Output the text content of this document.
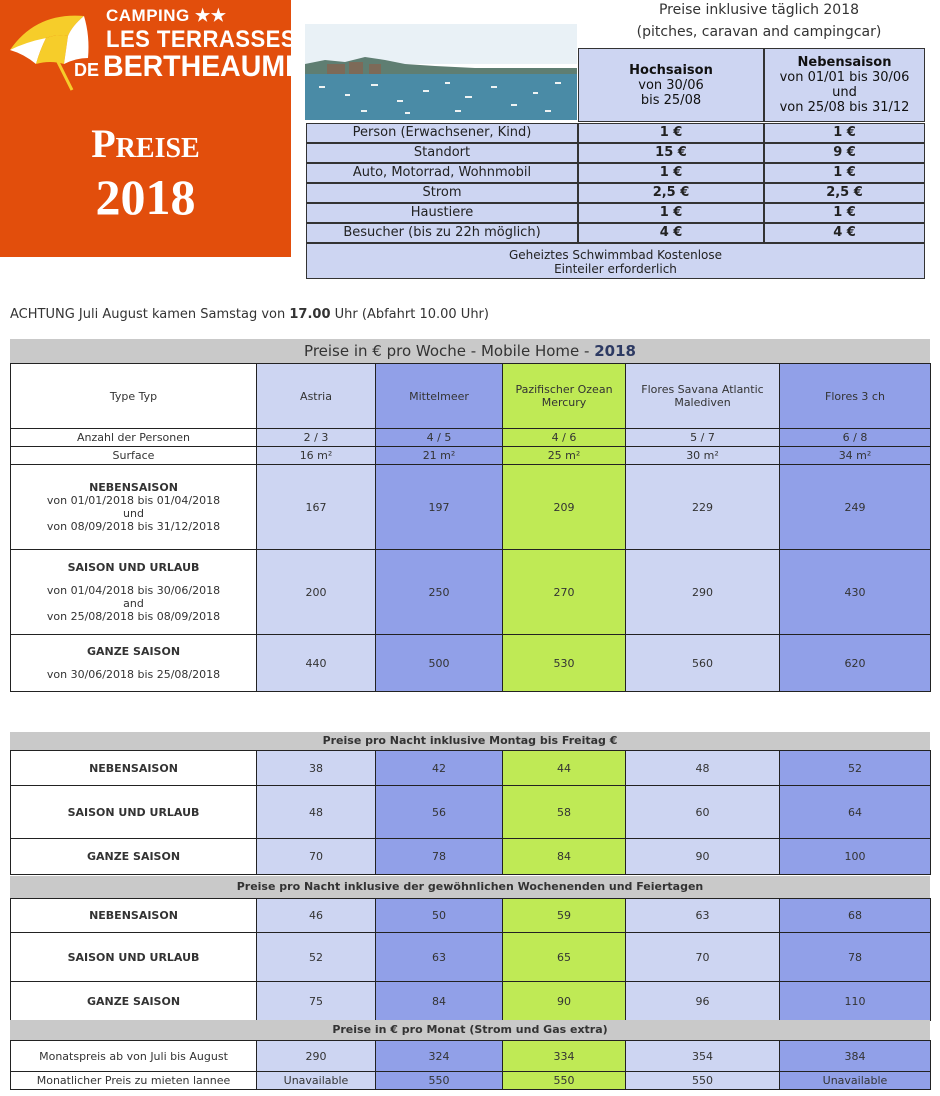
CAMPING ★★
LES TERRASSES
DE BERTHEAUME
Preise
2018
Preise inklusive täglich 2018
(pitches, caravan and campingcar)
Hochsaison
von 30/06
bis 25/08
Nebensaison
von 01/01 bis 30/06
und
von 25/08 bis 31/12
Person (Erwachsener, Kind)	1 €	1 €
Standort	15 €	9 €
Auto, Motorrad, Wohnmobil	1 €	1 €
Strom	2,5 €	2,5 €
Haustiere	1 €	1 €
Besucher (bis zu 22h möglich)	4 €	4 €
Geheiztes Schwimmbad Kostenlose
Einteiler erforderlich
ACHTUNG Juli August kamen Samstag von 17.00 Uhr (Abfahrt 10.00 Uhr)
Preise in € pro Woche - Mobile Home - 2018
Type Typ	Astria	Mittelmeer	Pazifischer Ozean Mercury	Flores Savana Atlantic Malediven	Flores 3 ch
Anzahl der Personen	2 / 3	4 / 5	4 / 6	5 / 7	6 / 8
Surface	16 m²	21 m²	25 m²	30 m²	34 m²

NEBENSAISON
von 01/01/2018 bis 01/04/2018
und
von 08/09/2018 bis 31/12/2018	167	197	209	229	249

SAISON UND URLAUB
von 01/04/2018 bis 30/06/2018
and
von 25/08/2018 bis 08/09/2018	200	250	270	290	430

GANZE SAISON
von 30/06/2018 bis 25/08/2018	440	500	530	560	620
Preise pro Nacht inklusive Montag bis Freitag €
NEBENSAISON	38	42	44	48	52
SAISON UND URLAUB	48	56	58	60	64
GANZE SAISON	70	78	84	90	100
Preise pro Nacht inklusive der gewöhnlichen Wochenenden und Feiertagen
NEBENSAISON	46	50	59	63	68
SAISON UND URLAUB	52	63	65	70	78
GANZE SAISON	75	84	90	96	110
Preise in € pro Monat (Strom und Gas extra)
Monatspreis ab von Juli bis August	290	324	334	354	384
Monatlicher Preis zu mieten lannee	Unavailable	550	550	550	Unavailable
